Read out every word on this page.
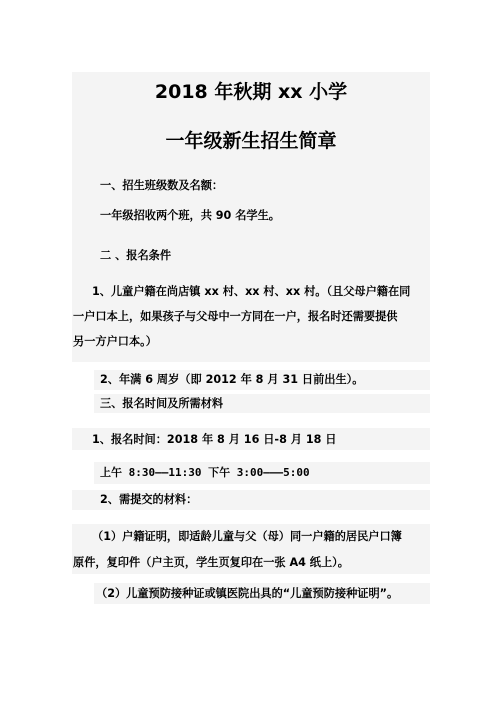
2018 年秋期 xx 小学
一年级新生招生简章
一、招生班级数及名额：
一年级招收两个班，共 90 名学生。
二 、报名条件
1、儿童户籍在尚店镇 xx 村、xx 村、xx 村。（且父母户籍在同
一户口本上，如果孩子与父母中一方同在一户，报名时还需要提供
另一方户口本。）
2、年满 6 周岁（即 2012 年 8 月 31 日前出生）。
三、报名时间及所需材料
1、报名时间：2018 年 8 月 16 日-8 月 18 日
上午 8:30——11:30 下午 3:00———5:00
2、需提交的材料：
（1）户籍证明，即适龄儿童与父（母）同一户籍的居民户口簿
原件，复印件（户主页，学生页复印在一张 A4 纸上）。
（2）儿童预防接种证或镇医院出具的“儿童预防接种证明”。
